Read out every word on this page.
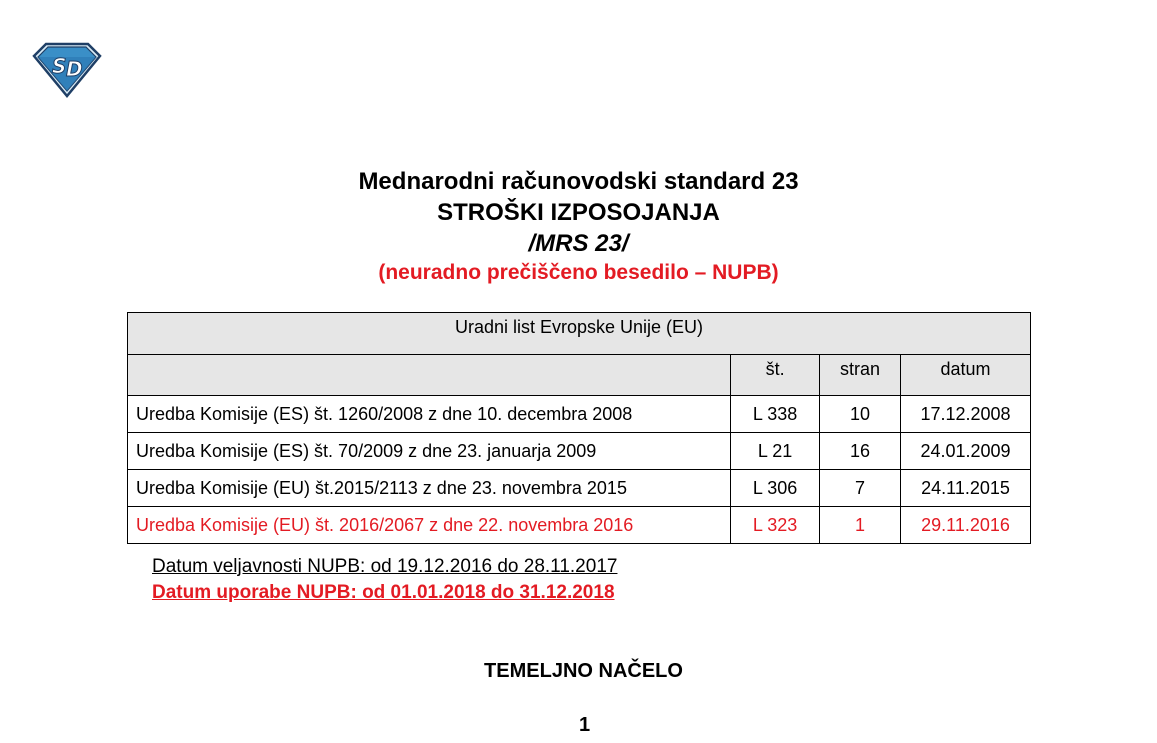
S D
Mednarodni računovodski standard 23
STROŠKI IZPOSOJANJA
/MRS 23/
(neuradno prečiščeno besedilo – NUPB)
Uradni list Evropske Unije (EU)			
	št.	stran	datum
Uredba Komisije (ES) št. 1260/2008 z dne 10. decembra 2008	L 338	10	17.12.2008
Uredba Komisije (ES) št. 70/2009 z dne 23. januarja 2009	L 21	16	24.01.2009
Uredba Komisije (EU) št.2015/2113 z dne 23. novembra 2015	L 306	7	24.11.2015
Uredba Komisije (EU) št. 2016/2067 z dne 22. novembra 2016	L 323	1	29.11.2016
Datum veljavnosti NUPB: od 19.12.2016 do 28.11.2017
Datum uporabe NUPB: od 01.01.2018 do 31.12.2018
TEMELJNO NAČELO
1
